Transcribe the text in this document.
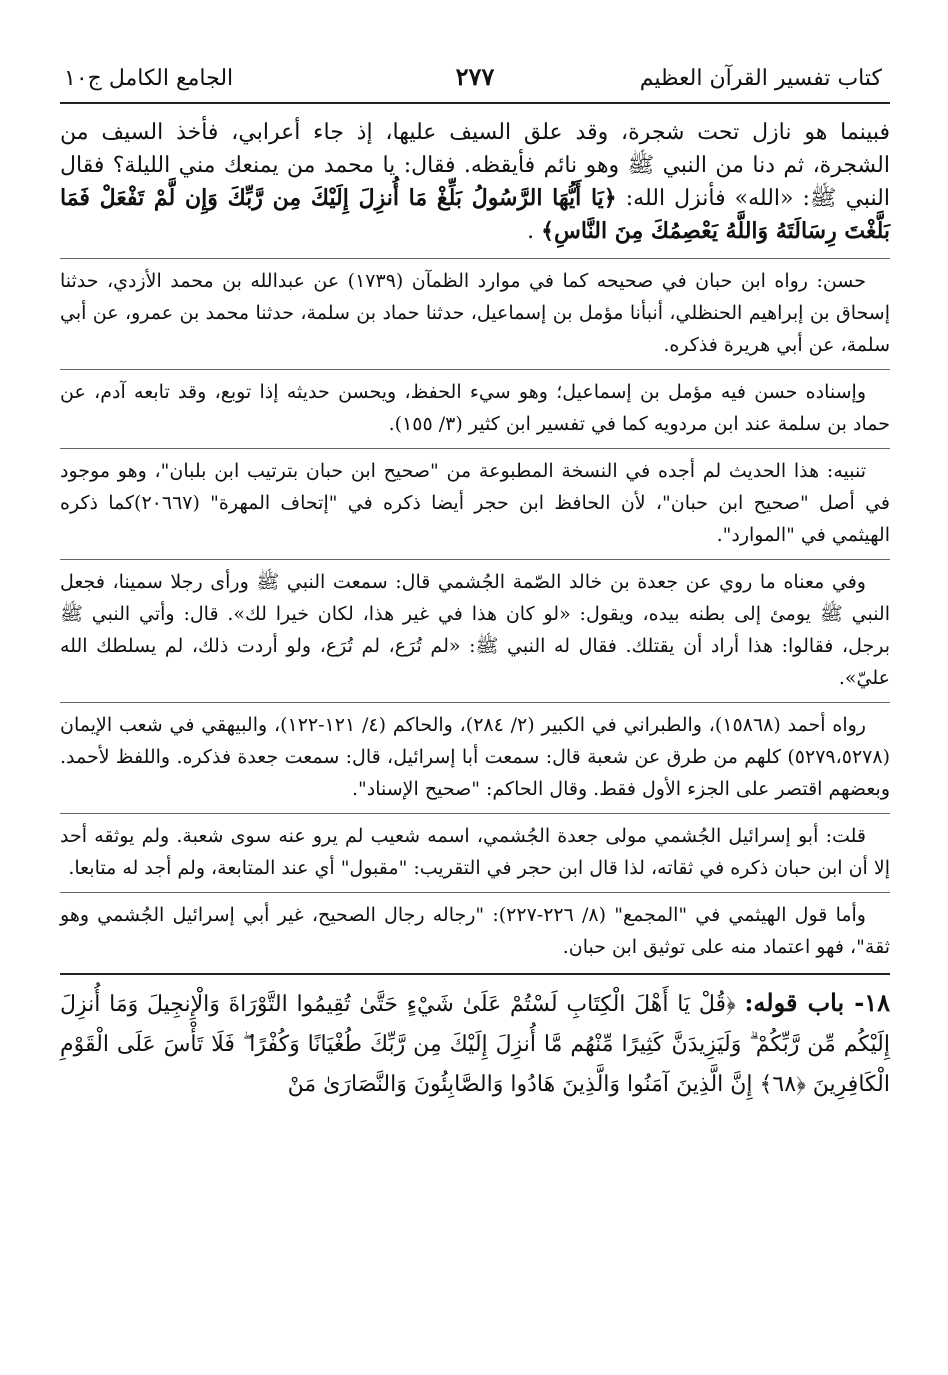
كتاب تفسير القرآن العظيم
٢٧٧
الجامع الكامل ج١٠
فبينما هو نازل تحت شجرة، وقد علق السيف عليها، إذ جاء أعرابي، فأخذ السيف من الشجرة، ثم دنا من النبي ﷺ وهو نائم فأيقظه. فقال: يا محمد من يمنعك مني الليلة؟ فقال النبي ﷺ: «الله» فأنزل الله: ﴿يَا أَيُّهَا الرَّسُولُ بَلِّغْ مَا أُنزِلَ إِلَيْكَ مِن رَّبِّكَ وَإِن لَّمْ تَفْعَلْ فَمَا بَلَّغْتَ رِسَالَتَهُ وَاللَّهُ يَعْصِمُكَ مِنَ النَّاسِ﴾ .
حسن: رواه ابن حبان في صحيحه كما في موارد الظمآن (١٧٣٩) عن عبدالله بن محمد الأزدي، حدثنا إسحاق بن إبراهيم الحنظلي، أنبأنا مؤمل بن إسماعيل، حدثنا حماد بن سلمة، حدثنا محمد بن عمرو، عن أبي سلمة، عن أبي هريرة فذكره.
وإسناده حسن فيه مؤمل بن إسماعيل؛ وهو سيء الحفظ، ويحسن حديثه إذا توبع، وقد تابعه آدم، عن حماد بن سلمة عند ابن مردويه كما في تفسير ابن كثير (٣/ ١٥٥).
تنبيه: هذا الحديث لم أجده في النسخة المطبوعة من "صحيح ابن حبان بترتيب ابن بلبان"، وهو موجود في أصل "صحيح ابن حبان"، لأن الحافظ ابن حجر أيضا ذكره في "إتحاف المهرة" (٢٠٦٦٧)كما ذكره الهيثمي في "الموارد".
وفي معناه ما روي عن جعدة بن خالد الصّمة الجُشمي قال: سمعت النبي ﷺ ورأى رجلا سمينا، فجعل النبي ﷺ يومئ إلى بطنه بيده، ويقول: «لو كان هذا في غير هذا، لكان خيرا لك». قال: وأتي النبي ﷺ برجل، فقالوا: هذا أراد أن يقتلك. فقال له النبي ﷺ: «لم تُرَع، لم تُرَع، ولو أردت ذلك، لم يسلطك الله عليّ».
رواه أحمد (١٥٨٦٨)، والطبراني في الكبير (٢/ ٢٨٤)، والحاكم (٤/ ١٢١-١٢٢)، والبيهقي في شعب الإيمان (٥٢٧٩،٥٢٧٨) كلهم من طرق عن شعبة قال: سمعت أبا إسرائيل، قال: سمعت جعدة فذكره. واللفظ لأحمد. وبعضهم اقتصر على الجزء الأول فقط. وقال الحاكم: "صحيح الإسناد".
قلت: أبو إسرائيل الجُشمي مولى جعدة الجُشمي، اسمه شعيب لم يرو عنه سوى شعبة. ولم يوثقه أحد إلا أن ابن حبان ذكره في ثقاته، لذا قال ابن حجر في التقريب: "مقبول" أي عند المتابعة، ولم أجد له متابعا.
وأما قول الهيثمي في "المجمع" (٨/ ٢٢٦-٢٢٧): "رجاله رجال الصحيح، غير أبي إسرائيل الجُشمي وهو ثقة"، فهو اعتماد منه على توثيق ابن حبان.
١٨- باب قوله: ﴿قُلْ يَا أَهْلَ الْكِتَابِ لَسْتُمْ عَلَىٰ شَيْءٍ حَتَّىٰ تُقِيمُوا التَّوْرَاةَ وَالْإِنجِيلَ وَمَا أُنزِلَ إِلَيْكُم مِّن رَّبِّكُمْ ۗ وَلَيَزِيدَنَّ كَثِيرًا مِّنْهُم مَّا أُنزِلَ إِلَيْكَ مِن رَّبِّكَ طُغْيَانًا وَكُفْرًا ۖ فَلَا تَأْسَ عَلَى الْقَوْمِ الْكَافِرِينَ ﴿٦٨﴾ إِنَّ الَّذِينَ آمَنُوا وَالَّذِينَ هَادُوا وَالصَّابِئُونَ وَالنَّصَارَىٰ مَنْ
